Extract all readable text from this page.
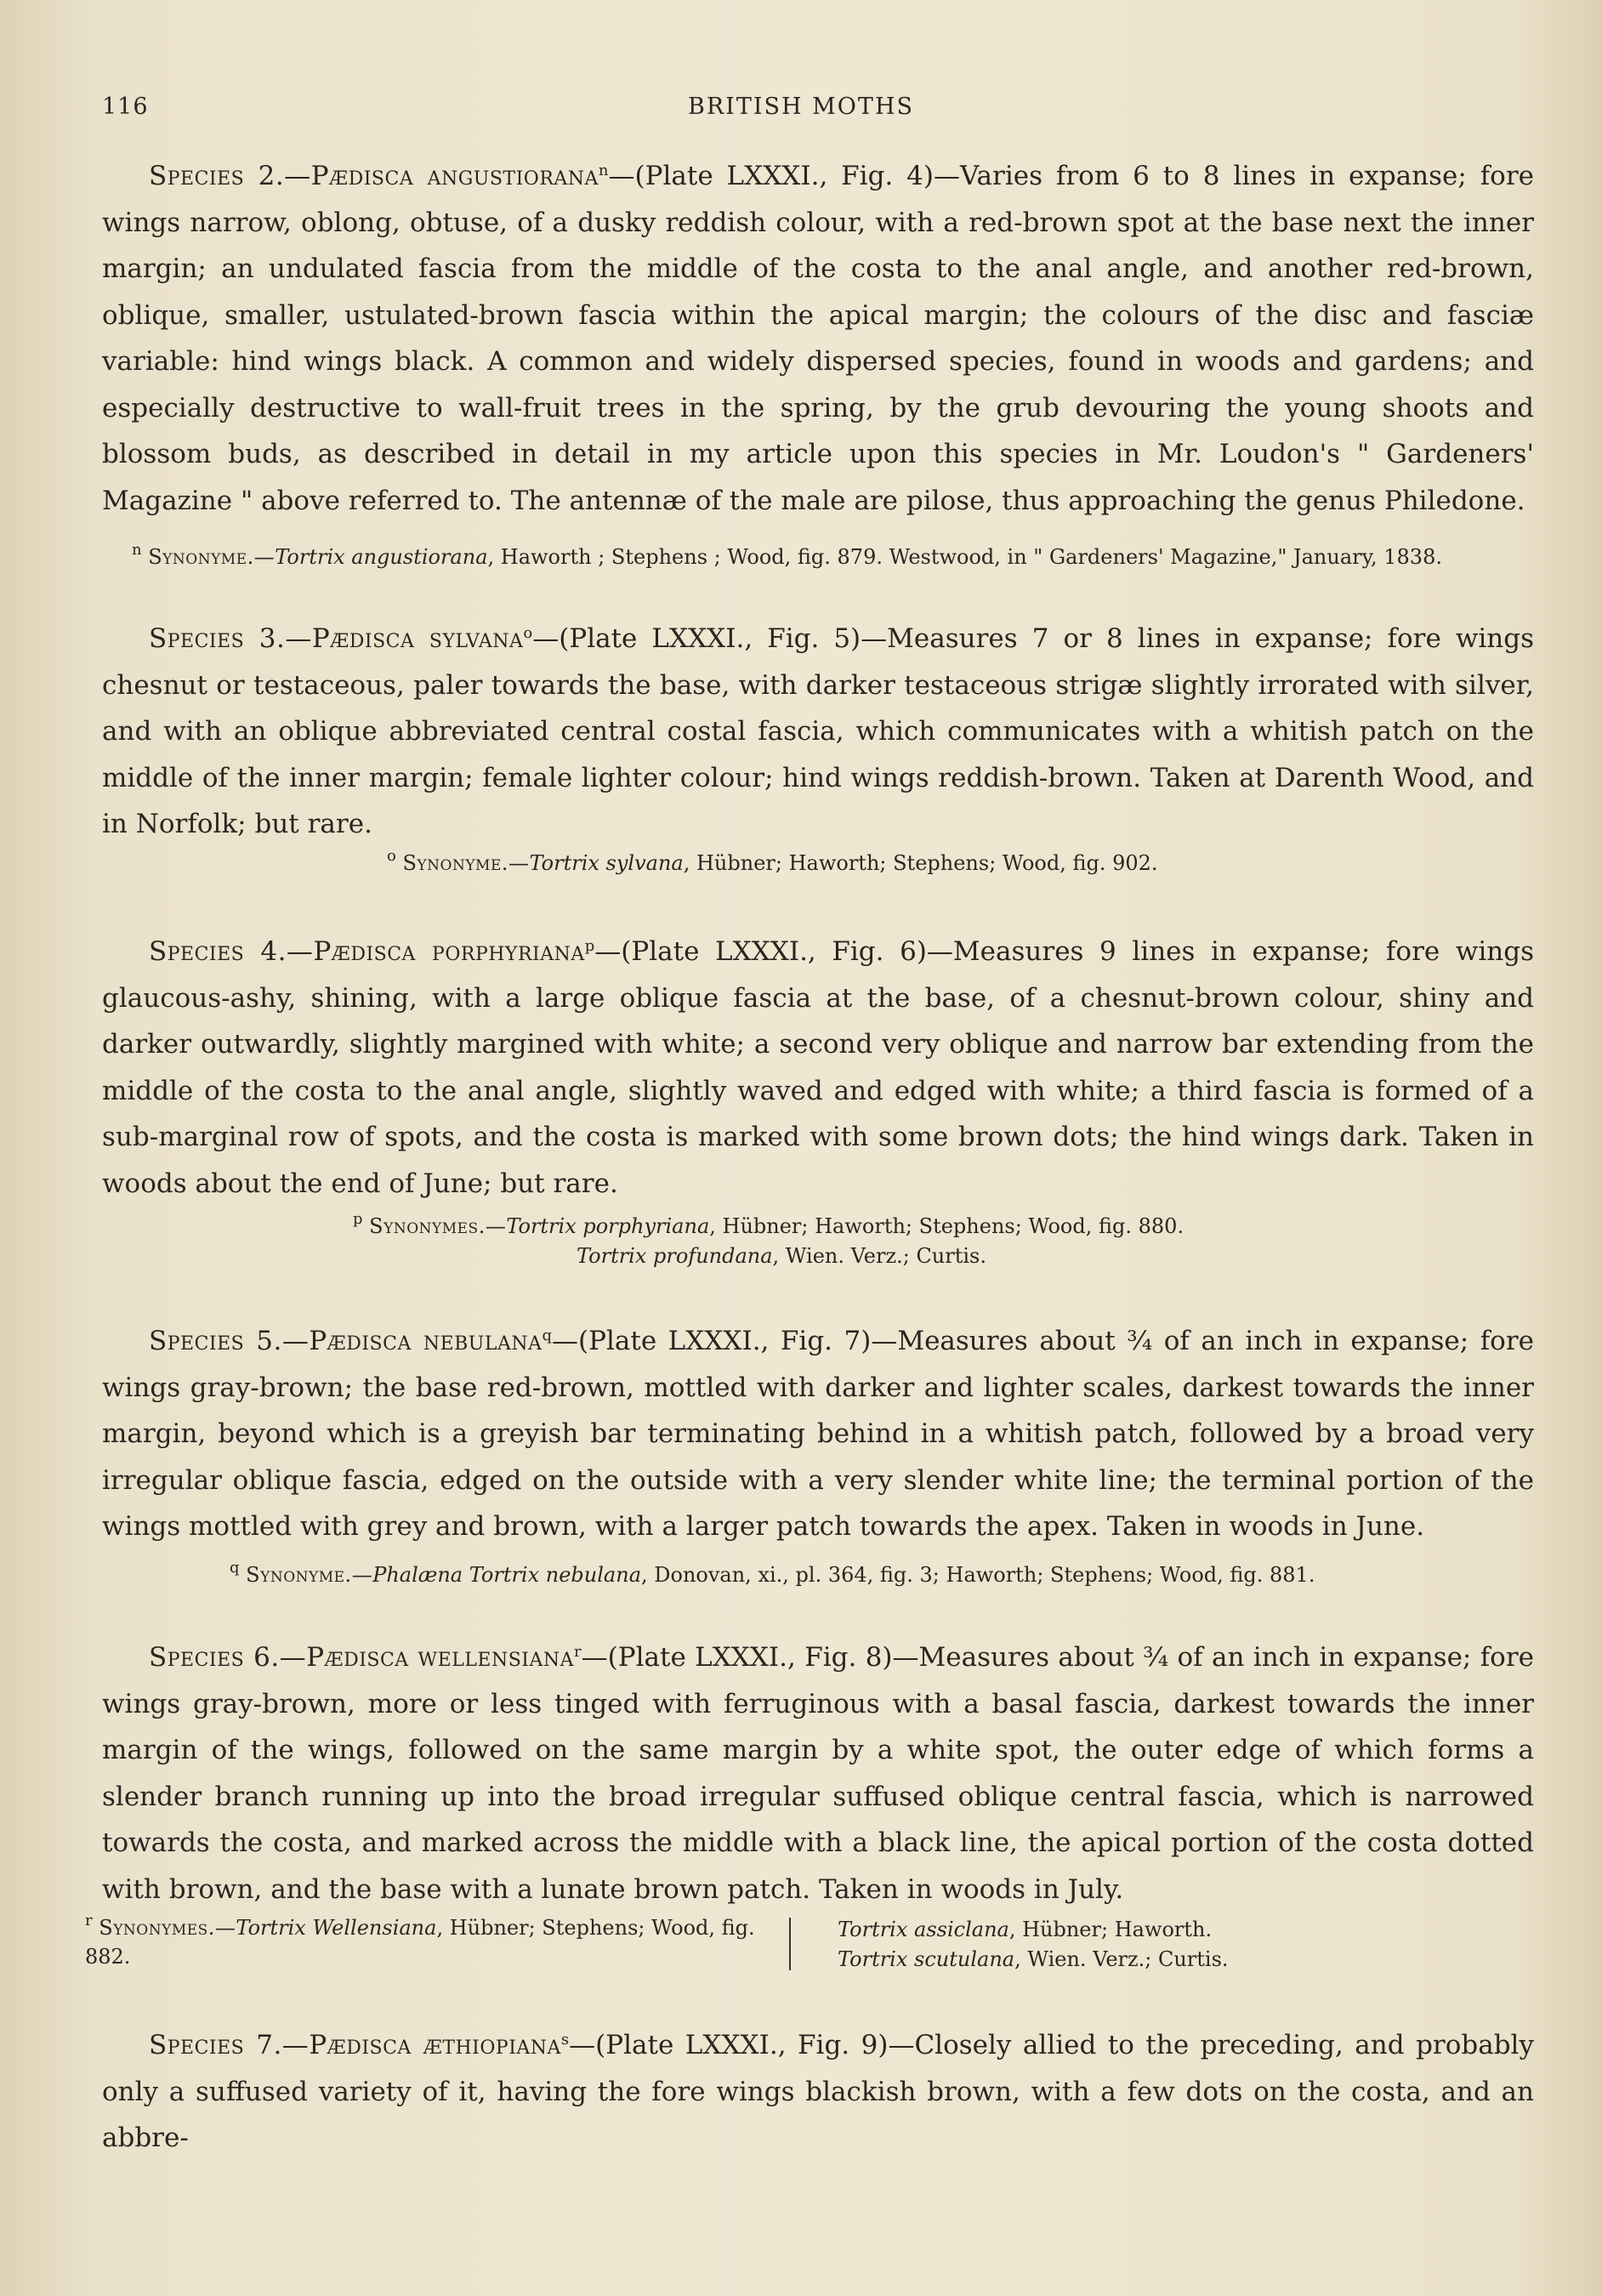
116	BRITISH MOTHS

Species 2.—Pædisca angustiorana$^n$—(Plate LXXXI., Fig. 4)—Varies from 6 to 8 lines in expanse; fore wings narrow, oblong, obtuse, of a dusky reddish colour, with a red-brown spot at the base next the inner margin; an undulated fascia from the middle of the costa to the anal angle, and another red-brown, oblique, smaller, ustulated-brown fascia within the apical margin; the colours of the disc and fasciæ variable: hind wings black. A common and widely dispersed species, found in woods and gardens; and especially destructive to wall-fruit trees in the spring, by the grub devouring the young shoots and blossom buds, as described in detail in my article upon this species in Mr. Loudon's " Gardeners' Magazine " above referred to. The antennæ of the male are pilose, thus approaching the genus Philedone.

$^n$ Synonyme.—Tortrix angustiorana, Haworth ; Stephens ; Wood, fig. 879. Westwood, in " Gardeners' Magazine," January, 1838.

Species 3.—Pædisca sylvana$^o$—(Plate LXXXI., Fig. 5)—Measures 7 or 8 lines in expanse; fore wings chesnut or testaceous, paler towards the base, with darker testaceous strigæ slightly irrorated with silver, and with an oblique abbreviated central costal fascia, which communicates with a whitish patch on the middle of the inner margin; female lighter colour; hind wings reddish-brown. Taken at Darenth Wood, and in Norfolk; but rare.

$^o$ Synonyme.—Tortrix sylvana, Hübner; Haworth; Stephens; Wood, fig. 902.

Species 4.—Pædisca porphyriana$^p$—(Plate LXXXI., Fig. 6)—Measures 9 lines in expanse; fore wings glaucous-ashy, shining, with a large oblique fascia at the base, of a chesnut-brown colour, shiny and darker outwardly, slightly margined with white; a second very oblique and narrow bar extending from the middle of the costa to the anal angle, slightly waved and edged with white; a third fascia is formed of a sub-marginal row of spots, and the costa is marked with some brown dots; the hind wings dark. Taken in woods about the end of June; but rare.

$^p$ Synonymes.—Tortrix porphyriana, Hübner; Haworth; Stephens; Wood, fig. 880.
Tortrix profundana, Wien. Verz.; Curtis.

Species 5.—Pædisca nebulana$^q$—(Plate LXXXI., Fig. 7)—Measures about ¾ of an inch in expanse; fore wings gray-brown; the base red-brown, mottled with darker and lighter scales, darkest towards the inner margin, beyond which is a greyish bar terminating behind in a whitish patch, followed by a broad very irregular oblique fascia, edged on the outside with a very slender white line; the terminal portion of the wings mottled with grey and brown, with a larger patch towards the apex. Taken in woods in June.

$^q$ Synonyme.—Phalæna Tortrix nebulana, Donovan, xi., pl. 364, fig. 3; Haworth; Stephens; Wood, fig. 881.

Species 6.—Pædisca wellensiana$^r$—(Plate LXXXI., Fig. 8)—Measures about ¾ of an inch in expanse; fore wings gray-brown, more or less tinged with ferruginous with a basal fascia, darkest towards the inner margin of the wings, followed on the same margin by a white spot, the outer edge of which forms a slender branch running up into the broad irregular suffused oblique central fascia, which is narrowed towards the costa, and marked across the middle with a black line, the apical portion of the costa dotted with brown, and the base with a lunate brown patch. Taken in woods in July.

$^r$ Synonymes.—Tortrix Wellensiana, Hübner; Stephens; Wood, fig. 882.
Tortrix assiclana, Hübner; Haworth.
Tortrix scutulana, Wien. Verz.; Curtis.

Species 7.—Pædisca æthiopiana$^s$—(Plate LXXXI., Fig. 9)—Closely allied to the preceding, and probably only a suffused variety of it, having the fore wings blackish brown, with a few dots on the costa, and an abbre-
